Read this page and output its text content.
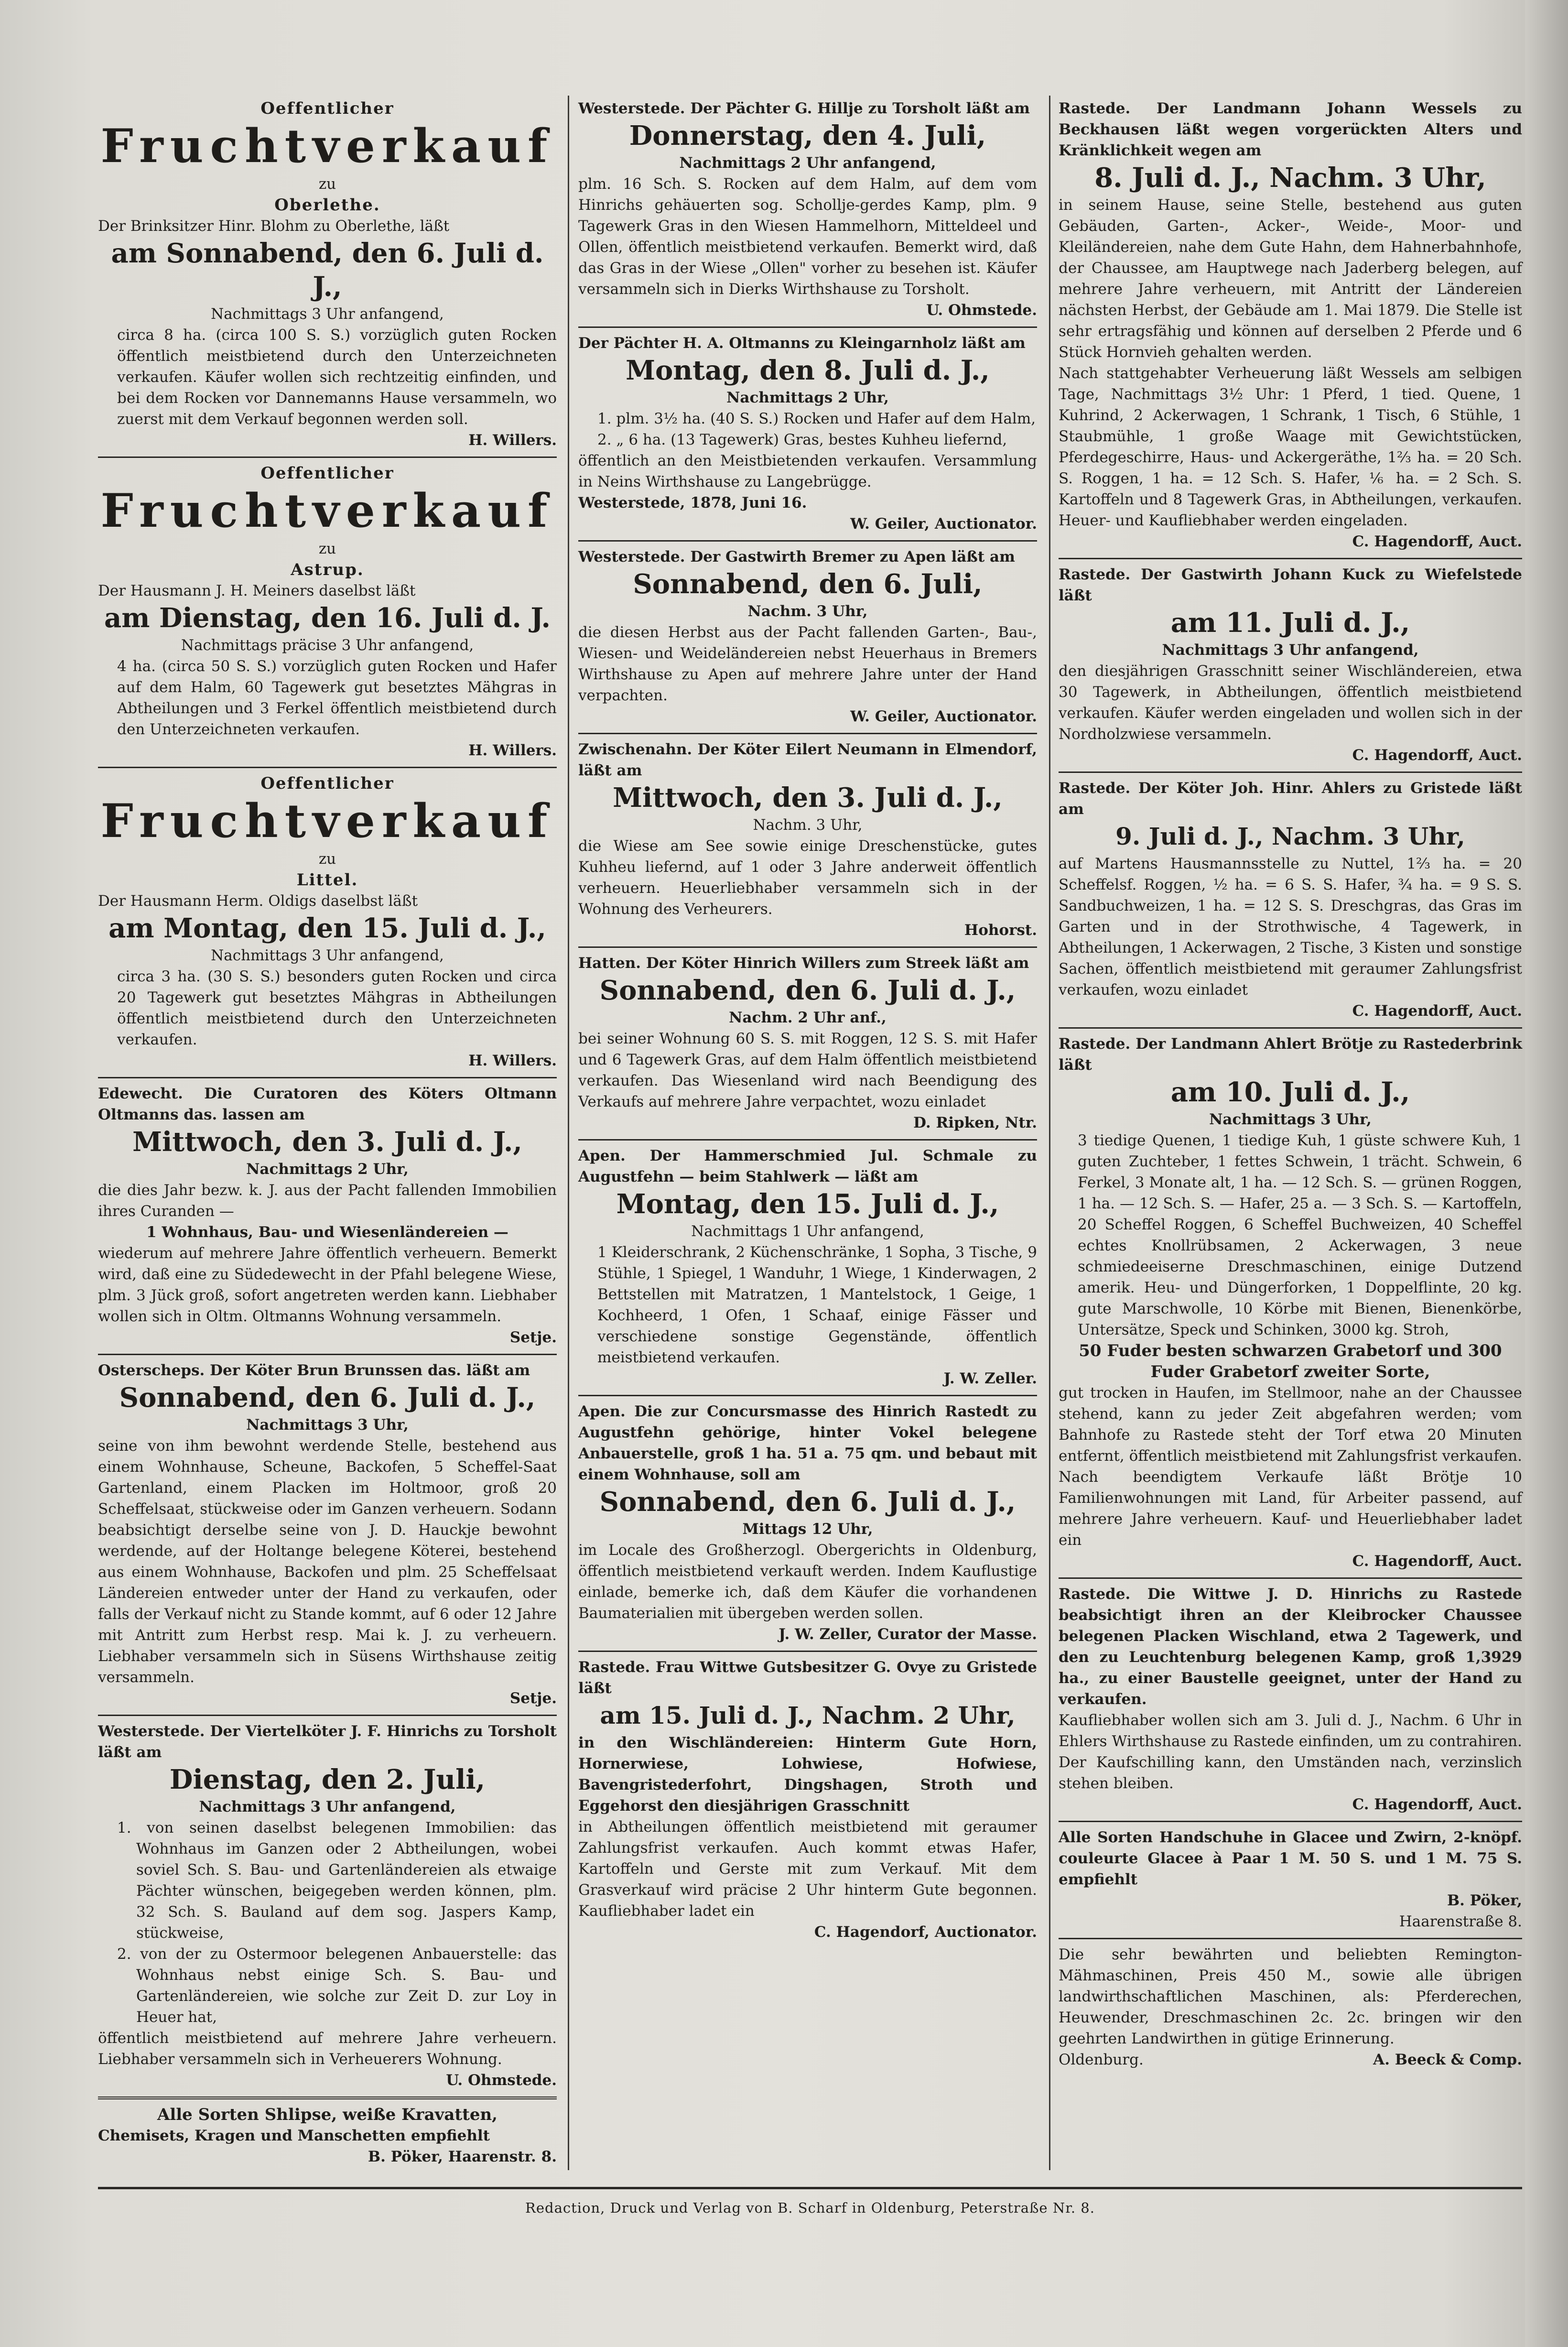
Oeffentlicher
Fruchtverkauf
zu
Oberlethe.
Der Brinksitzer Hinr. Blohm zu Oberlethe, läßt
am Sonnabend, den 6. Juli d. J.,
Nachmittags 3 Uhr anfangend,
circa 8 ha. (circa 100 S. S.) vorzüglich guten Rocken öffentlich meistbietend durch den Unterzeichneten verkaufen. Käufer wollen sich rechtzeitig einfinden, und bei dem Rocken vor Dannemanns Hause versammeln, wo zuerst mit dem Verkauf begonnen werden soll.
H. Willers.
Oeffentlicher
Fruchtverkauf
zu
Astrup.
Der Hausmann J. H. Meiners daselbst läßt
am Dienstag, den 16. Juli d. J.
Nachmittags präcise 3 Uhr anfangend,
4 ha. (circa 50 S. S.) vorzüglich guten Rocken und Hafer auf dem Halm, 60 Tagewerk gut besetztes Mähgras in Abtheilungen und 3 Ferkel öffentlich meistbietend durch den Unterzeichneten verkaufen.
H. Willers.
Oeffentlicher
Fruchtverkauf
zu
Littel.
Der Hausmann Herm. Oldigs daselbst läßt
am Montag, den 15. Juli d. J.,
Nachmittags 3 Uhr anfangend,
circa 3 ha. (30 S. S.) besonders guten Rocken und circa 20 Tagewerk gut besetztes Mähgras in Abtheilungen öffentlich meistbietend durch den Unterzeichneten verkaufen.
H. Willers.
Edewecht. Die Curatoren des Köters Oltmann Oltmanns das. lassen am
Mittwoch, den 3. Juli d. J.,
Nachmittags 2 Uhr,
die dies Jahr bezw. k. J. aus der Pacht fallenden Immobilien ihres Curanden —
1 Wohnhaus, Bau- und Wiesenländereien —
wiederum auf mehrere Jahre öffentlich verheuern. Bemerkt wird, daß eine zu Südedewecht in der Pfahl belegene Wiese, plm. 3 Jück groß, sofort angetreten werden kann. Liebhaber wollen sich in Oltm. Oltmanns Wohnung versammeln.
Setje.
Osterscheps. Der Köter Brun Brunssen das. läßt am
Sonnabend, den 6. Juli d. J.,
Nachmittags 3 Uhr,
seine von ihm bewohnt werdende Stelle, bestehend aus einem Wohnhause, Scheune, Backofen, 5 Scheffel-Saat Gartenland, einem Placken im Holtmoor, groß 20 Scheffelsaat, stückweise oder im Ganzen verheuern. Sodann beabsichtigt derselbe seine von J. D. Hauckje bewohnt werdende, auf der Holtange belegene Köterei, bestehend aus einem Wohnhause, Backofen und plm. 25 Scheffelsaat Ländereien entweder unter der Hand zu verkaufen, oder falls der Verkauf nicht zu Stande kommt, auf 6 oder 12 Jahre mit Antritt zum Herbst resp. Mai k. J. zu verheuern. Liebhaber versammeln sich in Süsens Wirthshause zeitig versammeln.
Setje.
Westerstede. Der Viertelköter J. F. Hinrichs zu Torsholt läßt am
Dienstag, den 2. Juli,
Nachmittags 3 Uhr anfangend,
1. von seinen daselbst belegenen Immobilien: das Wohnhaus im Ganzen oder 2 Abtheilungen, wobei soviel Sch. S. Bau- und Gartenländereien als etwaige Pächter wünschen, beigegeben werden können, plm. 32 Sch. S. Bauland auf dem sog. Jaspers Kamp, stückweise,
2. von der zu Ostermoor belegenen Anbauerstelle: das Wohnhaus nebst einige Sch. S. Bau- und Gartenländereien, wie solche zur Zeit D. zur Loy in Heuer hat,
öffentlich meistbietend auf mehrere Jahre verheuern. Liebhaber versammeln sich in Verheuerers Wohnung.
U. Ohmstede.
Alle Sorten Shlipse, weiße Kravatten,
Chemisets, Kragen und Manschetten empfiehlt
B. Pöker, Haarenstr. 8.
Westerstede. Der Pächter G. Hillje zu Torsholt läßt am
Donnerstag, den 4. Juli,
Nachmittags 2 Uhr anfangend,
plm. 16 Sch. S. Rocken auf dem Halm, auf dem vom Hinrichs gehäuerten sog. Schollje-gerdes Kamp, plm. 9 Tagewerk Gras in den Wiesen Hammelhorn, Mitteldeel und Ollen, öffentlich meistbietend verkaufen. Bemerkt wird, daß das Gras in der Wiese „Ollen" vorher zu besehen ist. Käufer versammeln sich in Dierks Wirthshause zu Torsholt.
U. Ohmstede.
Der Pächter H. A. Oltmanns zu Kleingarnholz läßt am
Montag, den 8. Juli d. J.,
Nachmittags 2 Uhr,
1. plm. 3½ ha. (40 S. S.) Rocken und Hafer auf dem Halm,
2. „ 6 ha. (13 Tagewerk) Gras, bestes Kuhheu liefernd,
öffentlich an den Meistbietenden verkaufen. Versammlung in Neins Wirthshause zu Langebrügge.
Westerstede, 1878, Juni 16.
W. Geiler, Auctionator.
Westerstede. Der Gastwirth Bremer zu Apen läßt am
Sonnabend, den 6. Juli,
Nachm. 3 Uhr,
die diesen Herbst aus der Pacht fallenden Garten-, Bau-, Wiesen- und Weideländereien nebst Heuerhaus in Bremers Wirthshause zu Apen auf mehrere Jahre unter der Hand verpachten.
W. Geiler, Auctionator.
Zwischenahn. Der Köter Eilert Neumann in Elmendorf, läßt am
Mittwoch, den 3. Juli d. J.,
Nachm. 3 Uhr,
die Wiese am See sowie einige Dreschenstücke, gutes Kuhheu liefernd, auf 1 oder 3 Jahre anderweit öffentlich verheuern. Heuerliebhaber versammeln sich in der Wohnung des Verheurers.
Hohorst.
Hatten. Der Köter Hinrich Willers zum Streek läßt am
Sonnabend, den 6. Juli d. J.,
Nachm. 2 Uhr anf.,
bei seiner Wohnung 60 S. S. mit Roggen, 12 S. S. mit Hafer und 6 Tagewerk Gras, auf dem Halm öffentlich meistbietend verkaufen. Das Wiesenland wird nach Beendigung des Verkaufs auf mehrere Jahre verpachtet, wozu einladet
D. Ripken, Ntr.
Apen. Der Hammerschmied Jul. Schmale zu Augustfehn — beim Stahlwerk — läßt am
Montag, den 15. Juli d. J.,
Nachmittags 1 Uhr anfangend,
1 Kleiderschrank, 2 Küchenschränke, 1 Sopha, 3 Tische, 9 Stühle, 1 Spiegel, 1 Wanduhr, 1 Wiege, 1 Kinderwagen, 2 Bettstellen mit Matratzen, 1 Mantelstock, 1 Geige, 1 Kochheerd, 1 Ofen, 1 Schaaf, einige Fässer und verschiedene sonstige Gegenstände, öffentlich meistbietend verkaufen.
J. W. Zeller.
Apen. Die zur Concursmasse des Hinrich Rastedt zu Augustfehn gehörige, hinter Vokel belegene Anbauerstelle, groß 1 ha. 51 a. 75 qm. und bebaut mit einem Wohnhause, soll am
Sonnabend, den 6. Juli d. J.,
Mittags 12 Uhr,
im Locale des Großherzogl. Obergerichts in Oldenburg, öffentlich meistbietend verkauft werden. Indem Kauflustige einlade, bemerke ich, daß dem Käufer die vorhandenen Baumaterialien mit übergeben werden sollen.
J. W. Zeller, Curator der Masse.
Rastede. Frau Wittwe Gutsbesitzer G. Ovye zu Gristede läßt
am 15. Juli d. J., Nachm. 2 Uhr,
in den Wischländereien: Hinterm Gute Horn, Hornerwiese, Lohwiese, Hofwiese, Bavengristederfohrt, Dingshagen, Stroth und Eggehorst den diesjährigen Grasschnitt
in Abtheilungen öffentlich meistbietend mit geraumer Zahlungsfrist verkaufen. Auch kommt etwas Hafer, Kartoffeln und Gerste mit zum Verkauf. Mit dem Grasverkauf wird präcise 2 Uhr hinterm Gute begonnen. Kaufliebhaber ladet ein
C. Hagendorf, Auctionator.
Rastede. Der Landmann Johann Wessels zu Beckhausen läßt wegen vorgerückten Alters und Kränklichkeit wegen am
8. Juli d. J., Nachm. 3 Uhr,
in seinem Hause, seine Stelle, bestehend aus guten Gebäuden, Garten-, Acker-, Weide-, Moor- und Kleiländereien, nahe dem Gute Hahn, dem Hahnerbahnhofe, der Chaussee, am Hauptwege nach Jaderberg belegen, auf mehrere Jahre verheuern, mit Antritt der Ländereien nächsten Herbst, der Gebäude am 1. Mai 1879. Die Stelle ist sehr ertragsfähig und können auf derselben 2 Pferde und 6 Stück Hornvieh gehalten werden.
Nach stattgehabter Verheuerung läßt Wessels am selbigen Tage, Nachmittags 3½ Uhr: 1 Pferd, 1 tied. Quene, 1 Kuhrind, 2 Ackerwagen, 1 Schrank, 1 Tisch, 6 Stühle, 1 Staubmühle, 1 große Waage mit Gewichtstücken, Pferdegeschirre, Haus- und Ackergeräthe, 1⅔ ha. = 20 Sch. S. Roggen, 1 ha. = 12 Sch. S. Hafer, ⅙ ha. = 2 Sch. S. Kartoffeln und 8 Tagewerk Gras, in Abtheilungen, verkaufen. Heuer- und Kaufliebhaber werden eingeladen.
C. Hagendorff, Auct.
Rastede. Der Gastwirth Johann Kuck zu Wiefelstede läßt
am 11. Juli d. J.,
Nachmittags 3 Uhr anfangend,
den diesjährigen Grasschnitt seiner Wischländereien, etwa 30 Tagewerk, in Abtheilungen, öffentlich meistbietend verkaufen. Käufer werden eingeladen und wollen sich in der Nordholzwiese versammeln.
C. Hagendorff, Auct.
Rastede. Der Köter Joh. Hinr. Ahlers zu Gristede läßt am
9. Juli d. J., Nachm. 3 Uhr,
auf Martens Hausmannsstelle zu Nuttel, 1⅔ ha. = 20 Scheffelsf. Roggen, ½ ha. = 6 S. S. Hafer, ¾ ha. = 9 S. S. Sandbuchweizen, 1 ha. = 12 S. S. Dreschgras, das Gras im Garten und in der Strothwische, 4 Tagewerk, in Abtheilungen, 1 Ackerwagen, 2 Tische, 3 Kisten und sonstige Sachen, öffentlich meistbietend mit geraumer Zahlungsfrist verkaufen, wozu einladet
C. Hagendorff, Auct.
Rastede. Der Landmann Ahlert Brötje zu Rastederbrink läßt
am 10. Juli d. J.,
Nachmittags 3 Uhr,
3 tiedige Quenen, 1 tiedige Kuh, 1 güste schwere Kuh, 1 guten Zuchteber, 1 fettes Schwein, 1 trächt. Schwein, 6 Ferkel, 3 Monate alt, 1 ha. — 12 Sch. S. — grünen Roggen, 1 ha. — 12 Sch. S. — Hafer, 25 a. — 3 Sch. S. — Kartoffeln, 20 Scheffel Roggen, 6 Scheffel Buchweizen, 40 Scheffel echtes Knollrübsamen, 2 Ackerwagen, 3 neue schmiedeeiserne Dreschmaschinen, einige Dutzend amerik. Heu- und Düngerforken, 1 Doppelflinte, 20 kg. gute Marschwolle, 10 Körbe mit Bienen, Bienenkörbe, Untersätze, Speck und Schinken, 3000 kg. Stroh,
50 Fuder besten schwarzen Grabetorf und 300 Fuder Grabetorf zweiter Sorte,
gut trocken in Haufen, im Stellmoor, nahe an der Chaussee stehend, kann zu jeder Zeit abgefahren werden; vom Bahnhofe zu Rastede steht der Torf etwa 20 Minuten entfernt, öffentlich meistbietend mit Zahlungsfrist verkaufen. Nach beendigtem Verkaufe läßt Brötje 10 Familienwohnungen mit Land, für Arbeiter passend, auf mehrere Jahre verheuern. Kauf- und Heuerliebhaber ladet ein
C. Hagendorff, Auct.
Rastede. Die Wittwe J. D. Hinrichs zu Rastede beabsichtigt ihren an der Kleibrocker Chaussee belegenen Placken Wischland, etwa 2 Tagewerk, und den zu Leuchtenburg belegenen Kamp, groß 1,3929 ha., zu einer Baustelle geeignet, unter der Hand zu verkaufen.
Kaufliebhaber wollen sich am 3. Juli d. J., Nachm. 6 Uhr in Ehlers Wirthshause zu Rastede einfinden, um zu contrahiren. Der Kaufschilling kann, den Umständen nach, verzinslich stehen bleiben.
C. Hagendorff, Auct.
Alle Sorten Handschuhe in Glacee und Zwirn, 2-knöpf. couleurte Glacee à Paar 1 M. 50 S. und 1 M. 75 S. empfiehlt
B. Pöker,
Haarenstraße 8.
Die sehr bewährten und beliebten Remington-Mähmaschinen, Preis 450 M., sowie alle übrigen landwirthschaftlichen Maschinen, als: Pferderechen, Heuwender, Dreschmaschinen 2c. 2c. bringen wir den geehrten Landwirthen in gütige Erinnerung.
Oldenburg.	A. Beeck & Comp.
Redaction, Druck und Verlag von B. Scharf in Oldenburg, Peterstraße Nr. 8.
